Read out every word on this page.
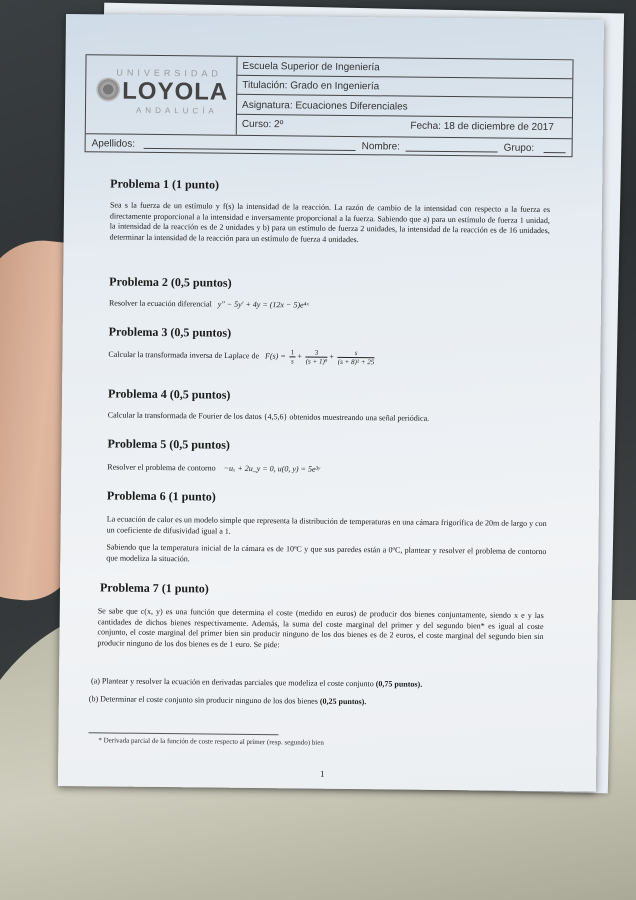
UNIVERSIDAD
LOYOLA
ANDALUCÍA
Escuela Superior de Ingeniería
Titulación: Grado en Ingeniería
Asignatura: Ecuaciones Diferenciales
Curso: 2º	Fecha: 18 de diciembre de 2017
Apellidos:	Nombre:	Grupo:
Problema 1 (1 punto)

Sea s la fuerza de un estímulo y f(s) la intensidad de la reacción. La razón de cambio de la intensidad con respecto a la fuerza es directamente proporcional a la intensidad e inversamente proporcional a la fuerza. Sabiendo que a) para un estímulo de fuerza 1 unidad, la intensidad de la reacción es de 2 unidades y b) para un estímulo de fuerza 2 unidades, la intensidad de la reacción es de 16 unidades, determinar la intensidad de la reacción para un estímulo de fuerza 4 unidades.

Problema 2 (0,5 puntos)

Resolver la ecuación diferencial y″ − 5y′ + 4y = (12x − 5)e⁴ˣ

Problema 3 (0,5 puntos)

Calcular la transformada inversa de Laplace de $F(s) = \frac{1}{s} + \frac{3}{\text{(s + 1)⁹}} + \frac{s}{\text{(s + 8)² + 25}}$

Problema 4 (0,5 puntos)

Calcular la transformada de Fourier de los datos {4,5,6} obtenidos muestreando una señal periódica.

Problema 5 (0,5 puntos)

Resolver el problema de contorno −uₓ + 2u_y = 0, u(0, y) = 5e³ʸ

Problema 6 (1 punto)

La ecuación de calor es un modelo simple que representa la distribución de temperaturas en una cámara frigorífica de 20m de largo y con un coeficiente de difusividad igual a 1.

Sabiendo que la temperatura inicial de la cámara es de 10ºC y que sus paredes están a 0ºC, plantear y resolver el problema de contorno que modeliza la situación.

Problema 7 (1 punto)

Se sabe que c(x, y) es una función que determina el coste (medido en euros) de producir dos bienes conjuntamente, siendo x e y las cantidades de dichos bienes respectivamente. Además, la suma del coste marginal del primer y del segundo bien* es igual al coste conjunto, el coste marginal del primer bien sin producir ninguno de los dos bienes es de 2 euros, el coste marginal del segundo bien sin producir ninguno de los dos bienes es de 1 euro. Se pide:

(a) Plantear y resolver la ecuación en derivadas parciales que modeliza el coste conjunto (0,75 puntos).

(b) Determinar el coste conjunto sin producir ninguno de los dos bienes (0,25 puntos).

* Derivada parcial de la función de coste respecto al primer (resp. segundo) bien
1
